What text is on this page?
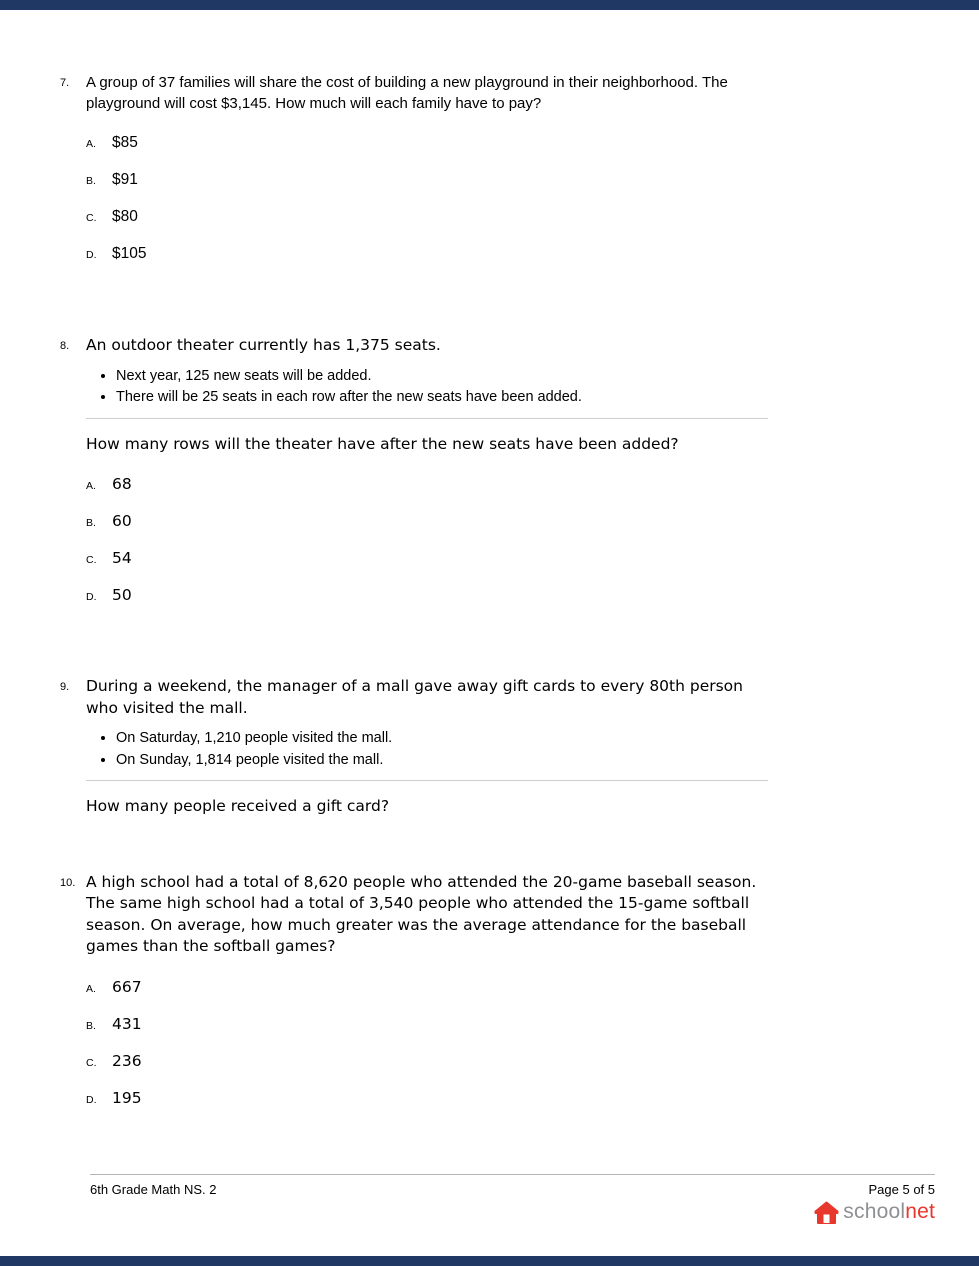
7.	A group of 37 families will share the cost of building a new playground in their neighborhood. The playground will cost $3,145. How much will each family have to pay?

A.	$85
B.	$91
C.	$80
D.	$105
8.	An outdoor theater currently has 1,375 seats.

• Next year, 125 new seats will be added.
• There will be 25 seats in each row after the new seats have been added.

How many rows will the theater have after the new seats have been added?

A.	68
B.	60
C.	54
D.	50
9.	During a weekend, the manager of a mall gave away gift cards to every 80th person who visited the mall.

• On Saturday, 1,210 people visited the mall.
• On Sunday, 1,814 people visited the mall.

How many people received a gift card?

10. A high school had a total of 8,620 people who attended the 20-game baseball season. The same high school had a total of 3,540 people who attended the 15-game softball season. On average, how much greater was the average attendance for the baseball games than the softball games?

A.	667
B.	431
C.	236
D.	195
6th Grade Math NS. 2	Page 5 of 5
schoolnet
